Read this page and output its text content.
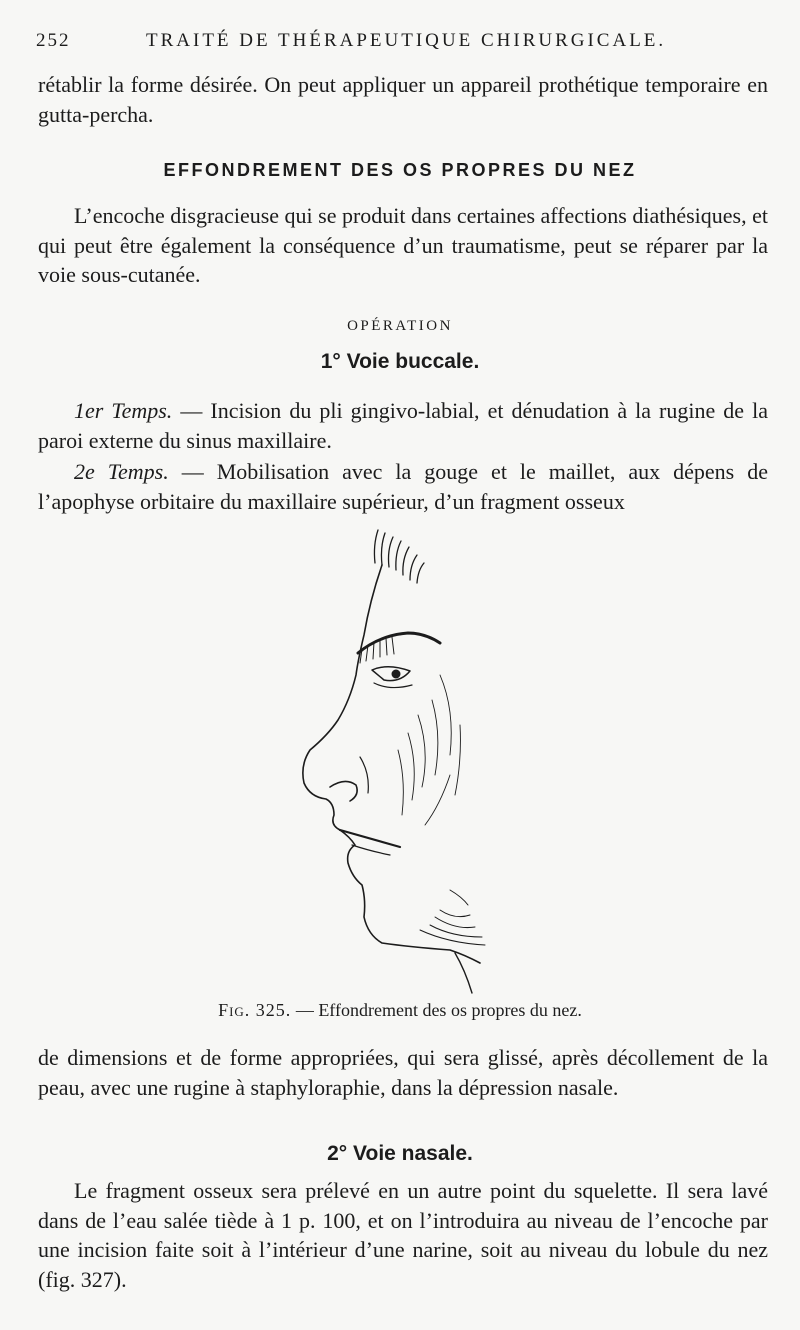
252	TRAITÉ DE THÉRAPEUTIQUE CHIRURGICALE.

rétablir la forme désirée. On peut appliquer un appareil prothétique temporaire en gutta-percha.

EFFONDREMENT DES OS PROPRES DU NEZ

L’encoche disgracieuse qui se produit dans certaines affections diathésiques, et qui peut être également la conséquence d’un traumatisme, peut se réparer par la voie sous-cutanée.

OPÉRATION
1° Voie buccale.

1er Temps. — Incision du pli gingivo-labial, et dénudation à la rugine de la paroi externe du sinus maxillaire.

2e Temps. — Mobilisation avec la gouge et le maillet, aux dépens de l’apophyse orbitaire du maxillaire supérieur, d’un fragment osseux

Fig. 325. — Effondrement des os propres du nez.

de dimensions et de forme appropriées, qui sera glissé, après décollement de la peau, avec une rugine à staphyloraphie, dans la dépression nasale.

2° Voie nasale.

Le fragment osseux sera prélevé en un autre point du squelette. Il sera lavé dans de l’eau salée tiède à 1 p. 100, et on l’introduira au niveau de l’encoche par une incision faite soit à l’intérieur d’une narine, soit au niveau du lobule du nez (fig. 327).
